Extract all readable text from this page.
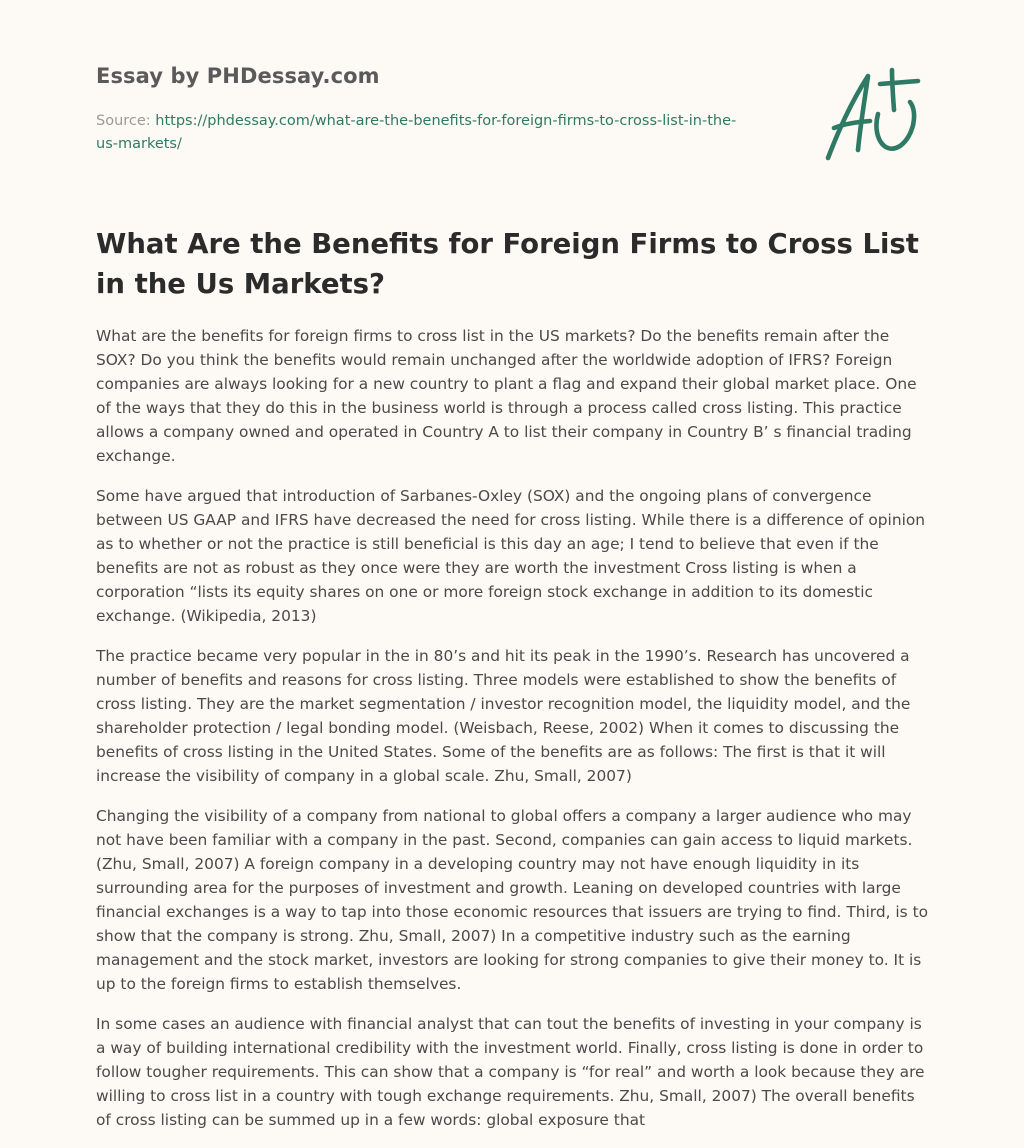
Essay by PHDessay.com
Source: https://phdessay.com/what-are-the-benefits-for-foreign-firms-to-cross-list-in-the-us-markets/
What Are the Benefits for Foreign Firms to Cross List in the Us Markets?

What are the benefits for foreign firms to cross list in the US markets? Do the benefits remain after the SOX? Do you think the benefits would remain unchanged after the worldwide adoption of IFRS? Foreign companies are always looking for a new country to plant a flag and expand their global market place. One of the ways that they do this in the business world is through a process called cross listing. This practice allows a company owned and operated in Country A to list their company in Country B’ s financial trading exchange.

Some have argued that introduction of Sarbanes-Oxley (SOX) and the ongoing plans of convergence between US GAAP and IFRS have decreased the need for cross listing. While there is a difference of opinion as to whether or not the practice is still beneficial is this day an age; I tend to believe that even if the benefits are not as robust as they once were they are worth the investment Cross listing is when a corporation “lists its equity shares on one or more foreign stock exchange in addition to its domestic exchange. (Wikipedia, 2013)

The practice became very popular in the in 80’s and hit its peak in the 1990’s. Research has uncovered a number of benefits and reasons for cross listing. Three models were established to show the benefits of cross listing. They are the market segmentation / investor recognition model, the liquidity model, and the shareholder protection / legal bonding model. (Weisbach, Reese, 2002) When it comes to discussing the benefits of cross listing in the United States. Some of the benefits are as follows: The first is that it will increase the visibility of company in a global scale. Zhu, Small, 2007)

Changing the visibility of a company from national to global offers a company a larger audience who may not have been familiar with a company in the past. Second, companies can gain access to liquid markets. (Zhu, Small, 2007) A foreign company in a developing country may not have enough liquidity in its surrounding area for the purposes of investment and growth. Leaning on developed countries with large financial exchanges is a way to tap into those economic resources that issuers are trying to find. Third, is to show that the company is strong. Zhu, Small, 2007) In a competitive industry such as the earning management and the stock market, investors are looking for strong companies to give their money to. It is up to the foreign firms to establish themselves.

In some cases an audience with financial analyst that can tout the benefits of investing in your company is a way of building international credibility with the investment world. Finally, cross listing is done in order to follow tougher requirements. This can show that a company is “for real” and worth a look because they are willing to cross list in a country with tough exchange requirements. Zhu, Small, 2007) The overall benefits of cross listing can be summed up in a few words: global exposure that
